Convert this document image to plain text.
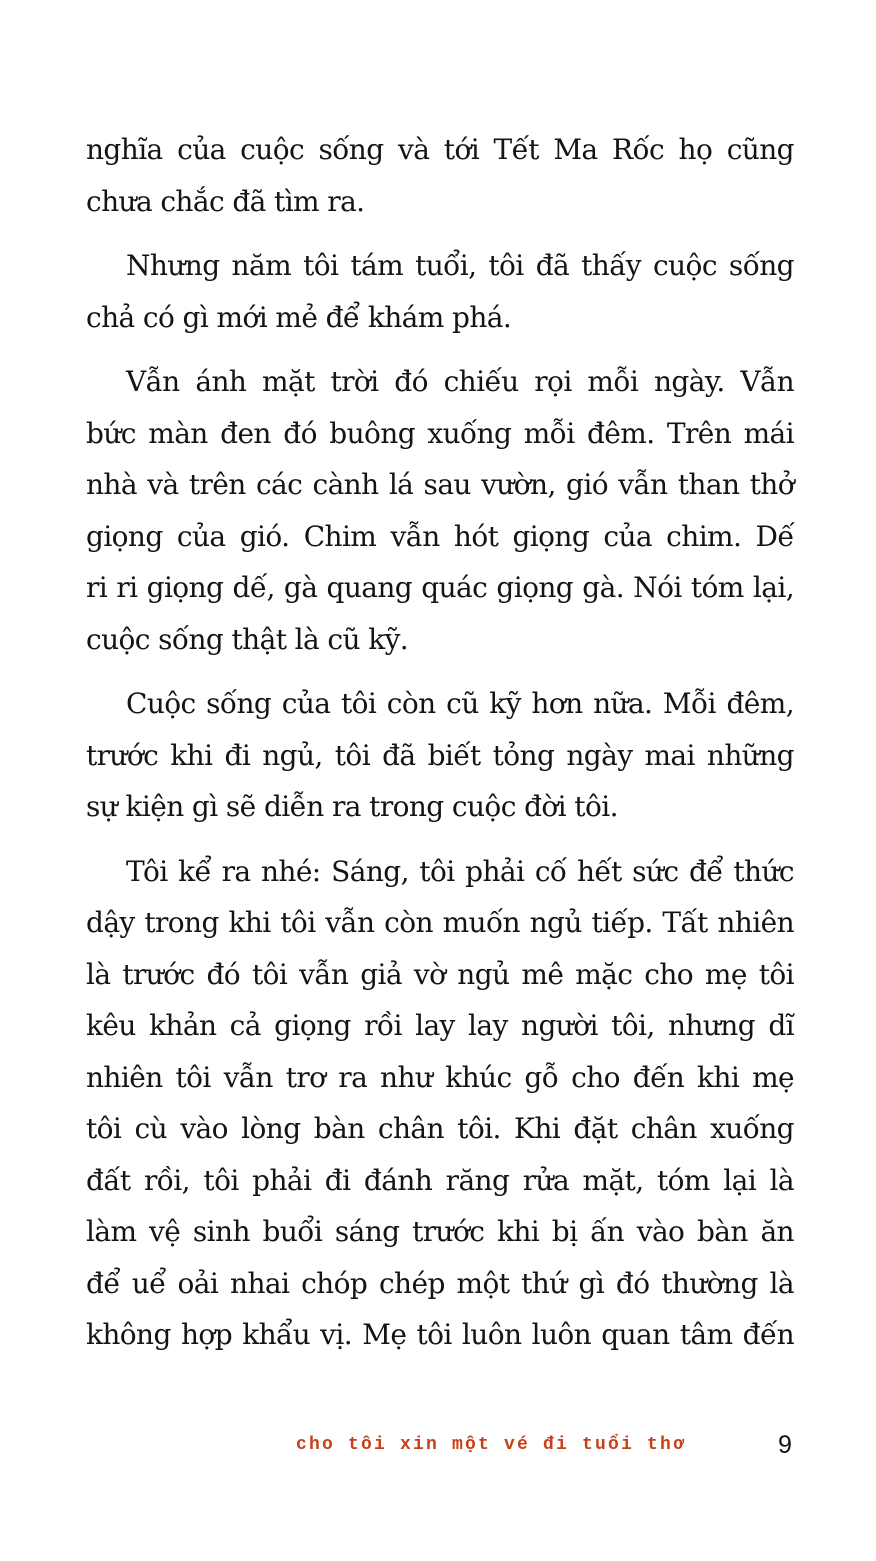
nghĩa của cuộc sống và tới Tết Ma Rốc họ cũng
chưa chắc đã tìm ra.
Nhưng năm tôi tám tuổi, tôi đã thấy cuộc sống
chả có gì mới mẻ để khám phá.
Vẫn ánh mặt trời đó chiếu rọi mỗi ngày. Vẫn
bức màn đen đó buông xuống mỗi đêm. Trên mái
nhà và trên các cành lá sau vườn, gió vẫn than thở
giọng của gió. Chim vẫn hót giọng của chim. Dế
ri ri giọng dế, gà quang quác giọng gà. Nói tóm lại,
cuộc sống thật là cũ kỹ.
Cuộc sống của tôi còn cũ kỹ hơn nữa. Mỗi đêm,
trước khi đi ngủ, tôi đã biết tỏng ngày mai những
sự kiện gì sẽ diễn ra trong cuộc đời tôi.
Tôi kể ra nhé: Sáng, tôi phải cố hết sức để thức
dậy trong khi tôi vẫn còn muốn ngủ tiếp. Tất nhiên
là trước đó tôi vẫn giả vờ ngủ mê mặc cho mẹ tôi
kêu khản cả giọng rồi lay lay người tôi, nhưng dĩ
nhiên tôi vẫn trơ ra như khúc gỗ cho đến khi mẹ
tôi cù vào lòng bàn chân tôi. Khi đặt chân xuống
đất rồi, tôi phải đi đánh răng rửa mặt, tóm lại là
làm vệ sinh buổi sáng trước khi bị ấn vào bàn ăn
để uể oải nhai chóp chép một thứ gì đó thường là
không hợp khẩu vị. Mẹ tôi luôn luôn quan tâm đến
cho tôi xin một vé đi tuổi thơ	9
